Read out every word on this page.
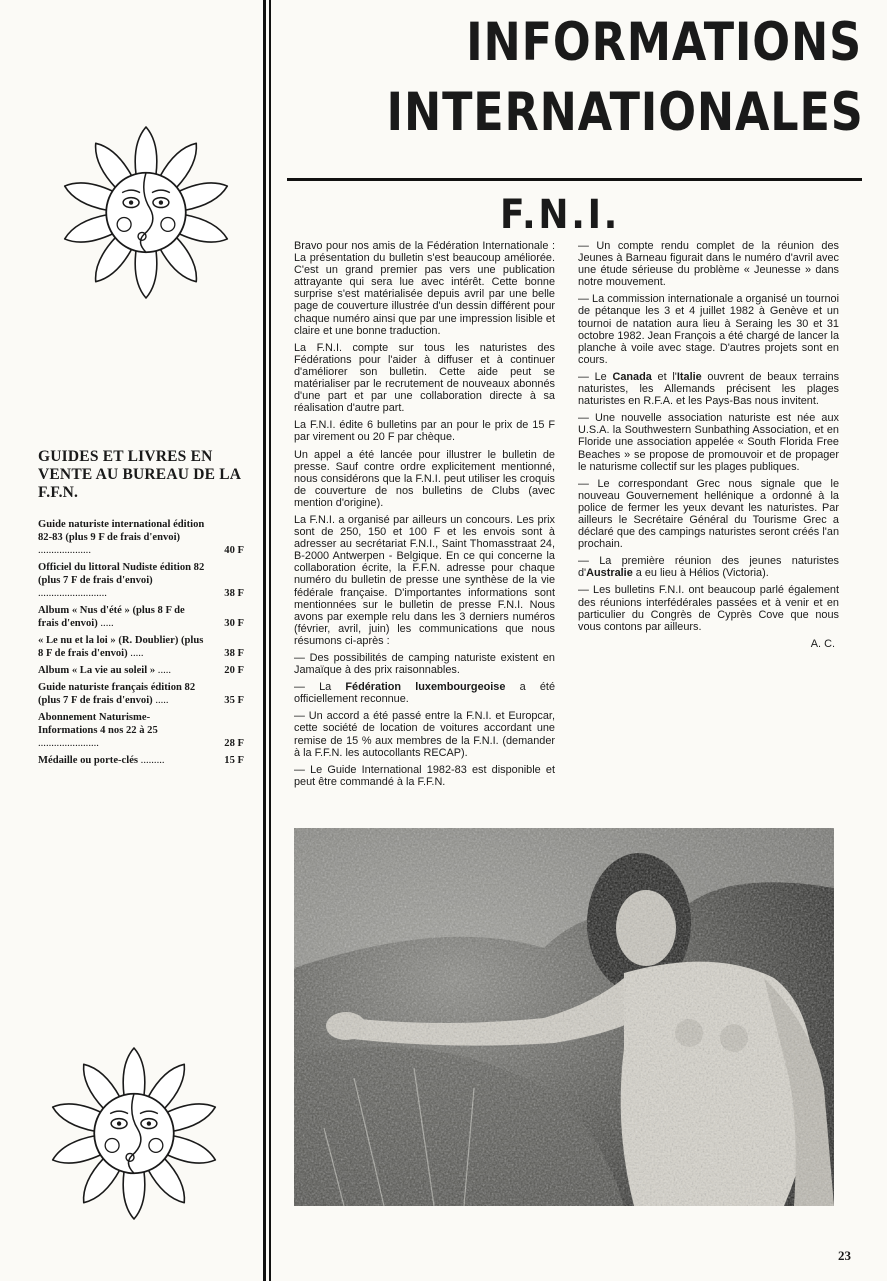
GUIDES ET LIVRES EN VENTE AU BUREAU DE LA F.F.N.
Guide naturiste international édition 82-83 (plus 9 F de frais d'envoi) ....................	40 F
Officiel du littoral Nudiste édition 82 (plus 7 F de frais d'envoi) ..........................	38 F
Album « Nus d'été » (plus 8 F de frais d'envoi) .....	30 F
« Le nu et la loi » (R. Doublier) (plus 8 F de frais d'envoi) .....	38 F
Album « La vie au soleil » .....	20 F
Guide naturiste français édition 82 (plus 7 F de frais d'envoi) .....	35 F
Abonnement Naturisme-Informations 4 nos 22 à 25 .......................	28 F
Médaille ou porte-clés .........	15 F
INFORMATIONS
INTERNATIONALES
F.N.I.

Bravo pour nos amis de la Fédération Internationale : La présentation du bulletin s'est beaucoup améliorée. C'est un grand premier pas vers une publication attrayante qui sera lue avec intérêt. Cette bonne surprise s'est matérialisée depuis avril par une belle page de couverture illustrée d'un dessin différent pour chaque numéro ainsi que par une impression lisible et claire et une bonne traduction.

La F.N.I. compte sur tous les naturistes des Fédérations pour l'aider à diffuser et à continuer d'améliorer son bulletin. Cette aide peut se matérialiser par le recrutement de nouveaux abonnés d'une part et par une collaboration directe à sa réalisation d'autre part.

La F.N.I. édite 6 bulletins par an pour le prix de 15 F par virement ou 20 F par chèque.

Un appel a été lancée pour illustrer le bulletin de presse. Sauf contre ordre explicitement mentionné, nous considérons que la F.N.I. peut utiliser les croquis de couverture de nos bulletins de Clubs (avec mention d'origine).

La F.N.I. a organisé par ailleurs un concours. Les prix sont de 250, 150 et 100 F et les envois sont à adresser au secrétariat F.N.I., Saint Thomasstraat 24, B-2000 Antwerpen - Belgique. En ce qui concerne la collaboration écrite, la F.F.N. adresse pour chaque numéro du bulletin de presse une synthèse de la vie fédérale française. D'importantes informations sont mentionnées sur le bulletin de presse F.N.I. Nous avons par exemple relu dans les 3 derniers numéros (février, avril, juin) les communications que nous résumons ci-après :

— Des possibilités de camping naturiste existent en Jamaïque à des prix raisonnables.

— La Fédération luxembourgeoise a été officiellement reconnue.

— Un accord a été passé entre la F.N.I. et Europcar, cette société de location de voitures accordant une remise de 15 % aux membres de la F.N.I. (demander à la F.F.N. les autocollants RECAP).

— Le Guide International 1982-83 est disponible et peut être commandé à la F.F.N.

— Un compte rendu complet de la réunion des Jeunes à Barneau figurait dans le numéro d'avril avec une étude sérieuse du problème « Jeunesse » dans notre mouvement.

— La commission internationale a organisé un tournoi de pétanque les 3 et 4 juillet 1982 à Genève et un tournoi de natation aura lieu à Seraing les 30 et 31 octobre 1982. Jean François a été chargé de lancer la planche à voile avec stage. D'autres projets sont en cours.

— Le Canada et l'Italie ouvrent de beaux terrains naturistes, les Allemands précisent les plages naturistes en R.F.A. et les Pays-Bas nous invitent.

— Une nouvelle association naturiste est née aux U.S.A. la Southwestern Sunbathing Association, et en Floride une association appelée « South Florida Free Beaches » se propose de promouvoir et de propager le naturisme collectif sur les plages publiques.

— Le correspondant Grec nous signale que le nouveau Gouvernement hellénique a ordonné à la police de fermer les yeux devant les naturistes. Par ailleurs le Secrétaire Général du Tourisme Grec a déclaré que des campings naturistes seront créés l'an prochain.

— La première réunion des jeunes naturistes d'Australie a eu lieu à Hélios (Victoria).

— Les bulletins F.N.I. ont beaucoup parlé également des réunions interfédérales passées et à venir et en particulier du Congrès de Cyprès Cove que nous vous contons par ailleurs.

A. C.

23
